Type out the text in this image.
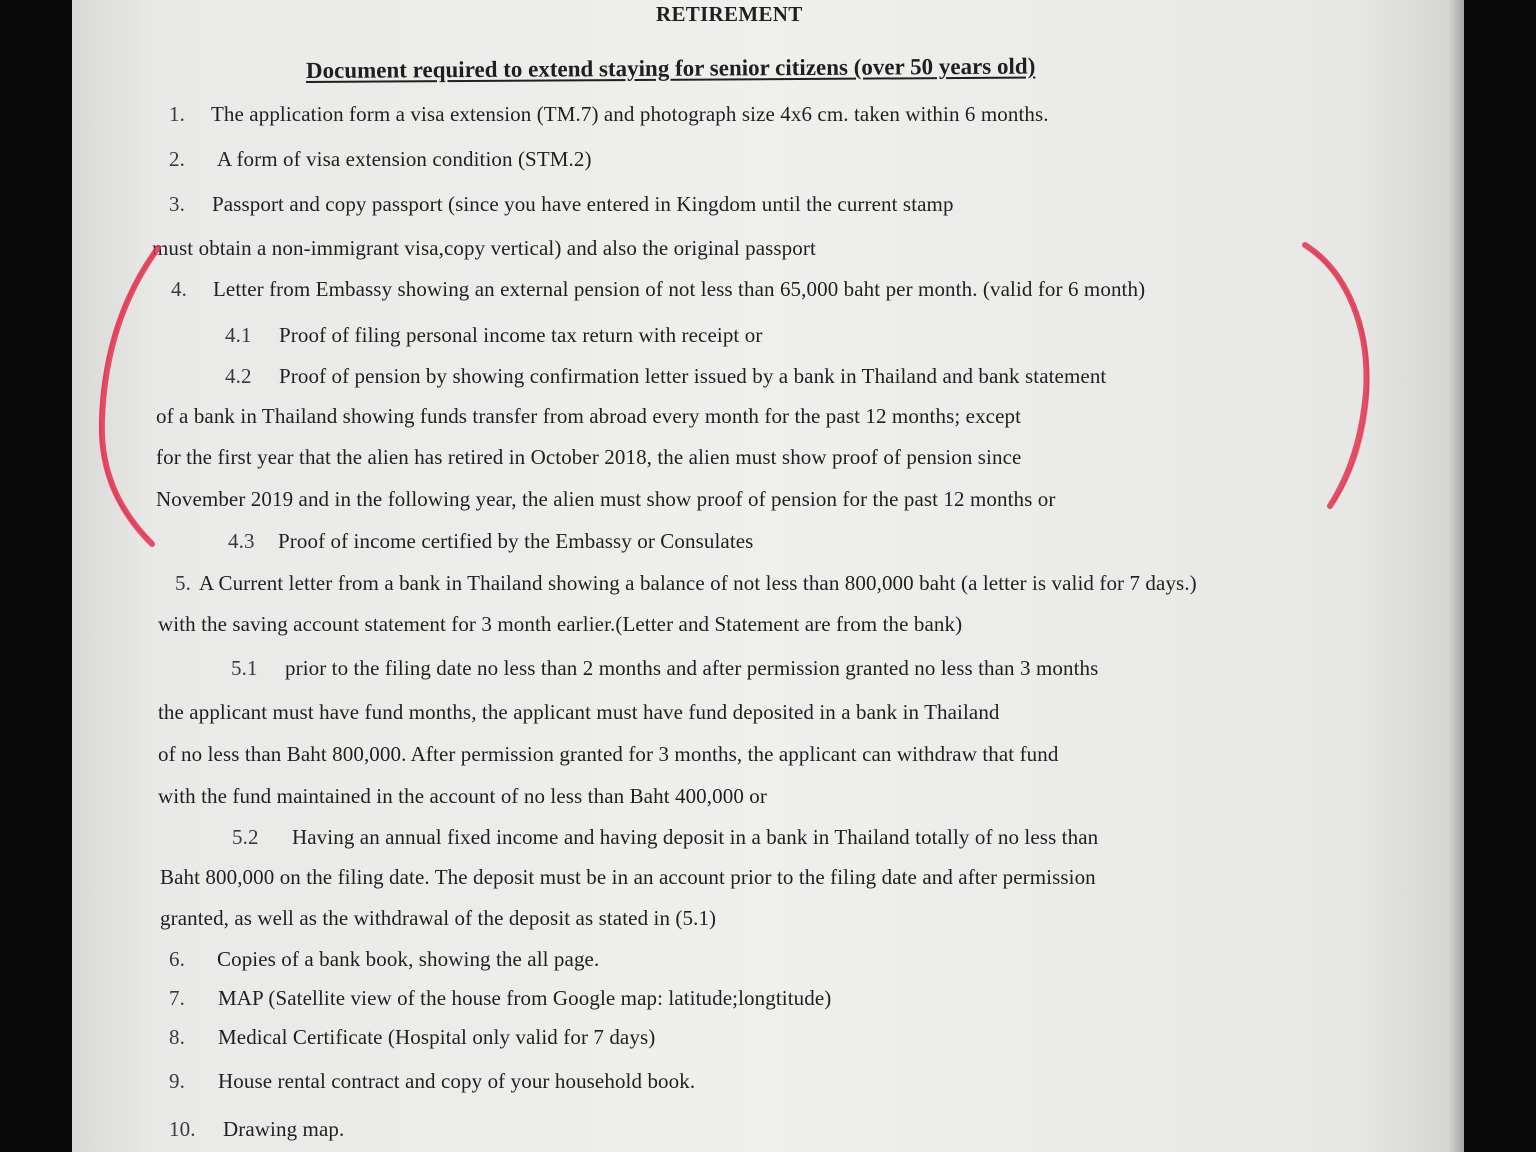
RETIREMENT
Document required to extend staying for senior citizens (over 50 years old)
1. The application form a visa extension (TM.7) and photograph size 4x6 cm. taken within 6 months.
2. A form of visa extension condition (STM.2)
3. Passport and copy passport (since you have entered in Kingdom until the current stamp
must obtain a non-immigrant visa,copy vertical) and also the original passport
4. Letter from Embassy showing an external pension of not less than 65,000 baht per month. (valid for 6 month)
4.1 Proof of filing personal income tax return with receipt or
4.2 Proof of pension by showing confirmation letter issued by a bank in Thailand and bank statement
of a bank in Thailand showing funds transfer from abroad every month for the past 12 months; except
for the first year that the alien has retired in October 2018, the alien must show proof of pension since
November 2019 and in the following year, the alien must show proof of pension for the past 12 months or
4.3 Proof of income certified by the Embassy or Consulates
5. A Current letter from a bank in Thailand showing a balance of not less than 800,000 baht (a letter is valid for 7 days.)
with the saving account statement for 3 month earlier.(Letter and Statement are from the bank)
5.1 prior to the filing date no less than 2 months and after permission granted no less than 3 months
the applicant must have fund months, the applicant must have fund deposited in a bank in Thailand
of no less than Baht 800,000. After permission granted for 3 months, the applicant can withdraw that fund
with the fund maintained in the account of no less than Baht 400,000 or
5.2 Having an annual fixed income and having deposit in a bank in Thailand totally of no less than
Baht 800,000 on the filing date. The deposit must be in an account prior to the filing date and after permission
granted, as well as the withdrawal of the deposit as stated in (5.1)
6. Copies of a bank book, showing the all page.
7. MAP (Satellite view of the house from Google map: latitude;longtitude)
8. Medical Certificate (Hospital only valid for 7 days)
9. House rental contract and copy of your household book.
10. Drawing map.
